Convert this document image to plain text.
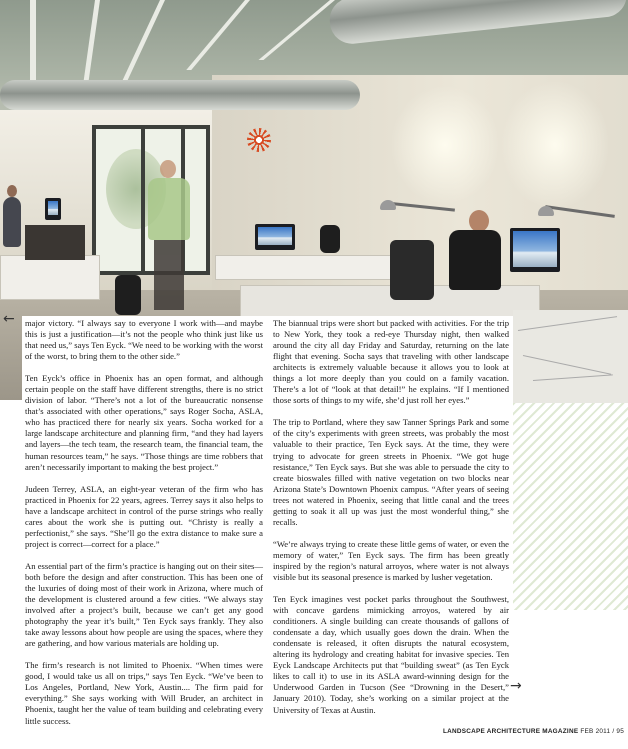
major victory. “I always say to everyone I work with—and maybe this is just a justification—it’s not the people who think just like us that need us,” says Ten Eyck. “We need to be working with the worst of the worst, to bring them to the other side.”

Ten Eyck’s office in Phoenix has an open format, and although certain people on the staff have different strengths, there is no strict division of labor. “There’s not a lot of the bureaucratic nonsense that’s associated with other operations,” says Roger Socha, ASLA, who has practiced there for nearly six years. Socha worked for a large landscape architecture and planning firm, “and they had layers and layers—the tech team, the research team, the financial team, the human resources team,” he says. “Those things are time robbers that aren’t necessarily important to making the best project.”

Judeen Terrey, ASLA, an eight-year veteran of the firm who has practiced in Phoenix for 22 years, agrees. Terrey says it also helps to have a landscape architect in control of the purse strings who really cares about the work she is putting out. “Christy is really a perfectionist,” she says. “She’ll go the extra distance to make sure a project is correct—correct for a place.”

An essential part of the firm’s practice is hanging out on their sites—both before the design and after construction. This has been one of the luxuries of doing most of their work in Arizona, where much of the development is clustered around a few cities. “We always stay involved after a project’s built, because we can’t get any good photography the year it’s built,” Ten Eyck says frankly. They also take away lessons about how people are using the spaces, where they are gathering, and how various materials are holding up.

The firm’s research is not limited to Phoenix. “When times were good, I would take us all on trips,” says Ten Eyck. “We’ve been to Los Angeles, Portland, New York, Austin.... The firm paid for everything.” She says working with Will Bruder, an architect in Phoenix, taught her the value of team building and celebrating every little success.

The biannual trips were short but packed with activities. For the trip to New York, they took a red-eye Thursday night, then walked around the city all day Friday and Saturday, returning on the late flight that evening. Socha says that traveling with other landscape architects is extremely valuable because it allows you to look at things a lot more deeply than you could on a family vacation. There’s a lot of “look at that detail!” he explains. “If I mentioned those sorts of things to my wife, she’d just roll her eyes.”

The trip to Portland, where they saw Tanner Springs Park and some of the city’s experiments with green streets, was probably the most valuable to their practice, Ten Eyck says. At the time, they were trying to advocate for green streets in Phoenix. “We got huge resistance,” Ten Eyck says. But she was able to persuade the city to create bioswales filled with native vegetation on two blocks near Arizona State’s Downtown Phoenix campus. “After years of seeing trees not watered in Phoenix, seeing that little canal and the trees getting to soak it all up was just the most wonderful thing,” she recalls.

“We’re always trying to create these little gems of water, or even the memory of water,” Ten Eyck says. The firm has been greatly inspired by the region’s natural arroyos, where water is not always visible but its seasonal presence is marked by lusher vegetation.

Ten Eyck imagines vest pocket parks throughout the Southwest, with concave gardens mimicking arroyos, watered by air conditioners. A single building can create thousands of gallons of condensate a day, which usually goes down the drain. When the condensate is released, it often disrupts the natural ecosystem, altering its hydrology and creating habitat for invasive species. Ten Eyck Landscape Architects put that “building sweat” (as Ten Eyck likes to call it) to use in its ASLA award-winning design for the Underwood Garden in Tucson (See “Drowning in the Desert,” January 2010). Today, she’s working on a similar project at the University of Texas at Austin.

←
→
LANDSCAPE ARCHITECTURE MAGAZINE FEB 2011 / 95
